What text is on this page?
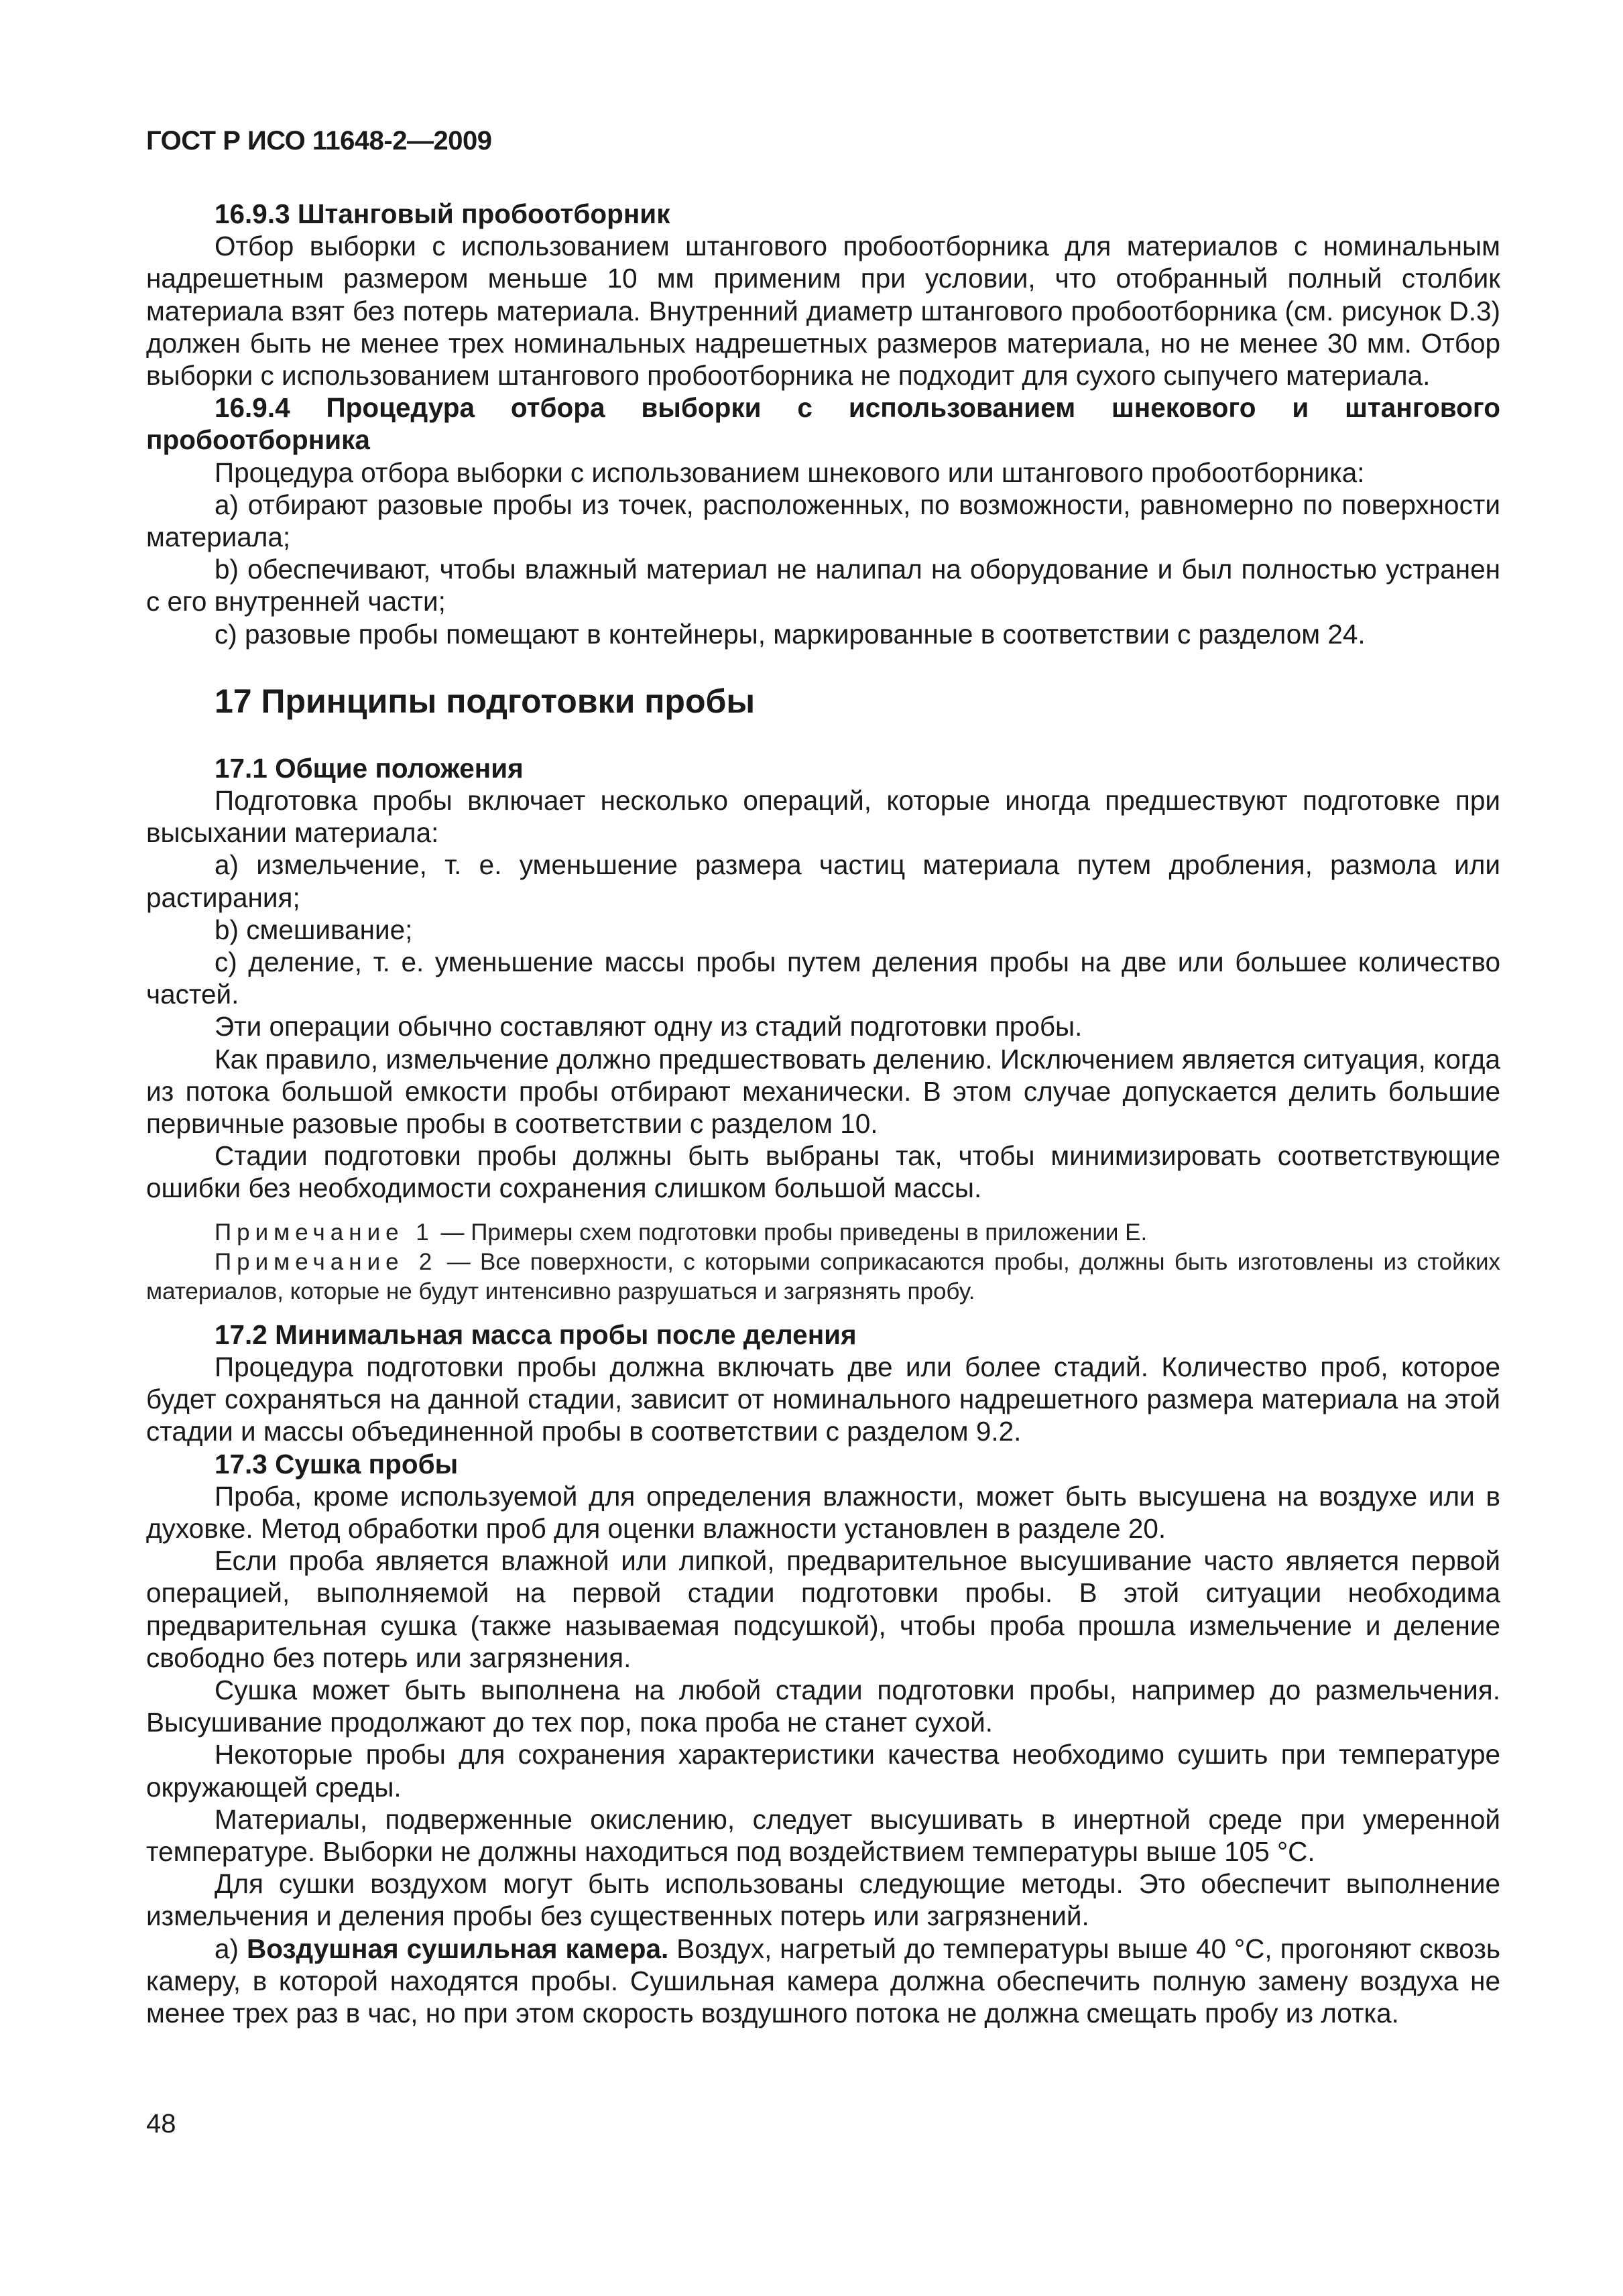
ГОСТ Р ИСО 11648-2—2009

16.9.3 Штанговый пробоотборник

Отбор выборки с использованием штангового пробоотборника для материалов с номинальным надрешетным размером меньше 10 мм применим при условии, что отобранный полный столбик материала взят без потерь материала. Внутренний диаметр штангового пробоотборника (см. рисунок D.3) должен быть не менее трех номинальных надрешетных размеров материала, но не менее 30 мм. Отбор выборки с использованием штангового пробоотборника не подходит для сухого сыпучего материала.

16.9.4 Процедура отбора выборки с использованием шнекового и штангового пробоотборника

Процедура отбора выборки с использованием шнекового или штангового пробоотборника:

а) отбирают разовые пробы из точек, расположенных, по возможности, равномерно по поверхности материала;

b) обеспечивают, чтобы влажный материал не налипал на оборудование и был полностью устранен с его внутренней части;

с) разовые пробы помещают в контейнеры, маркированные в соответствии с разделом 24.

17 Принципы подготовки пробы

17.1 Общие положения

Подготовка пробы включает несколько операций, которые иногда предшествуют подготовке при высыхании материала:

а) измельчение, т. е. уменьшение размера частиц материала путем дробления, размола или растирания;

b) смешивание;

с) деление, т. е. уменьшение массы пробы путем деления пробы на две или большее количество частей.

Эти операции обычно составляют одну из стадий подготовки пробы.

Как правило, измельчение должно предшествовать делению. Исключением является ситуация, когда из потока большой емкости пробы отбирают механически. В этом случае допускается делить большие первичные разовые пробы в соответствии с разделом 10.

Стадии подготовки пробы должны быть выбраны так, чтобы минимизировать соответствующие ошибки без необходимости сохранения слишком большой массы.

Примечание 1 — Примеры схем подготовки пробы приведены в приложении Е.

Примечание 2 — Все поверхности, с которыми соприкасаются пробы, должны быть изготовлены из стойких материалов, которые не будут интенсивно разрушаться и загрязнять пробу.

17.2 Минимальная масса пробы после деления

Процедура подготовки пробы должна включать две или более стадий. Количество проб, которое будет сохраняться на данной стадии, зависит от номинального надрешетного размера материала на этой стадии и массы объединенной пробы в соответствии с разделом 9.2.

17.3 Сушка пробы

Проба, кроме используемой для определения влажности, может быть высушена на воздухе или в духовке. Метод обработки проб для оценки влажности установлен в разделе 20.

Если проба является влажной или липкой, предварительное высушивание часто является первой операцией, выполняемой на первой стадии подготовки пробы. В этой ситуации необходима предварительная сушка (также называемая подсушкой), чтобы проба прошла измельчение и деление свободно без потерь или загрязнения.

Сушка может быть выполнена на любой стадии подготовки пробы, например до размельчения. Высушивание продолжают до тех пор, пока проба не станет сухой.

Некоторые пробы для сохранения характеристики качества необходимо сушить при температуре окружающей среды.

Материалы, подверженные окислению, следует высушивать в инертной среде при умеренной температуре. Выборки не должны находиться под воздействием температуры выше 105 °С.

Для сушки воздухом могут быть использованы следующие методы. Это обеспечит выполнение измельчения и деления пробы без существенных потерь или загрязнений.

а) Воздушная сушильная камера. Воздух, нагретый до температуры выше 40 °С, прогоняют сквозь камеру, в которой находятся пробы. Сушильная камера должна обеспечить полную замену воздуха не менее трех раз в час, но при этом скорость воздушного потока не должна смещать пробу из лотка.

48
